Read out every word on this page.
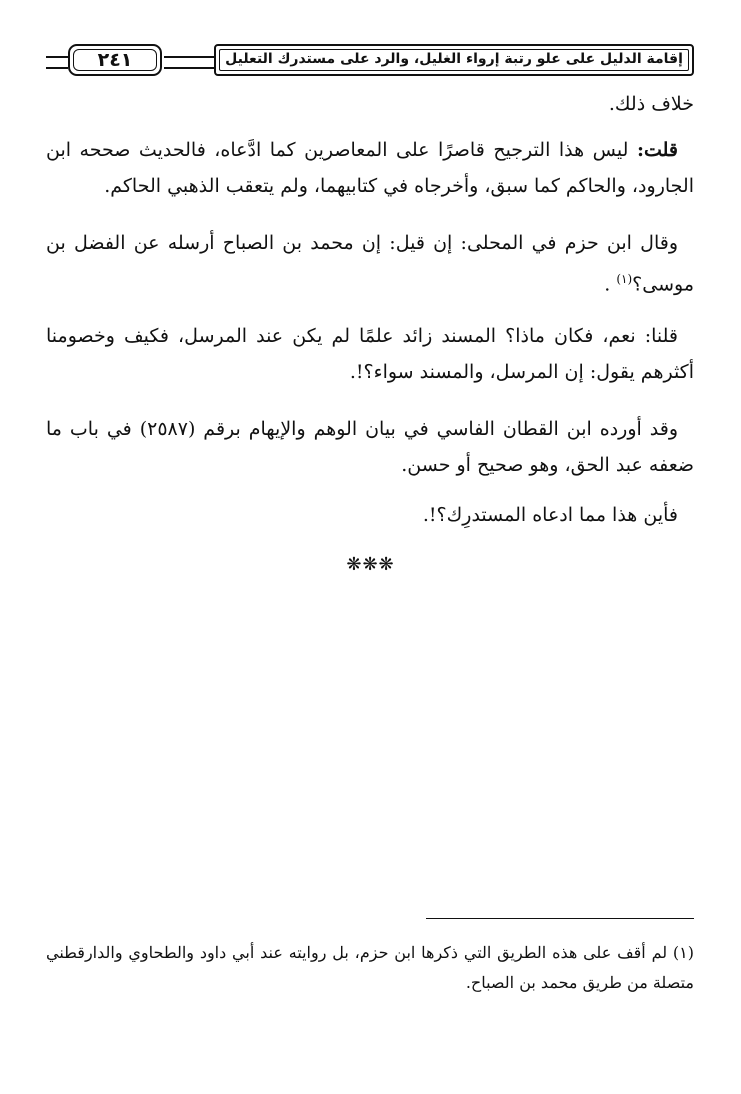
٢٤١	إقامة الدليل على علو رتبة إرواء الغليل، والرد على مستدرك التعليل

خلاف ذلك.

قلت: ليس هذا الترجيح قاصرًا على المعاصرين كما ادَّعاه، فالحديث صححه ابن الجارود، والحاكم كما سبق، وأخرجاه في كتابيهما، ولم يتعقب الذهبي الحاكم.

وقال ابن حزم في المحلى: إن قيل: إن محمد بن الصباح أرسله عن الفضل بن موسى؟$^{(١)}$ .

قلنا: نعم، فكان ماذا؟ المسند زائد علمًا لم يكن عند المرسل، فكيف وخصومنا أكثرهم يقول: إن المرسل، والمسند سواء؟!.

وقد أورده ابن القطان الفاسي في بيان الوهم والإيهام برقم (٢٥٨٧) في باب ما ضعفه عبد الحق، وهو صحيح أو حسن.

فأين هذا مما ادعاه المستدرِك؟!.

❋❋❋

(١) لم أقف على هذه الطريق التي ذكرها ابن حزم، بل روايته عند أبي داود والطحاوي والدارقطني متصلة من طريق محمد بن الصباح.
